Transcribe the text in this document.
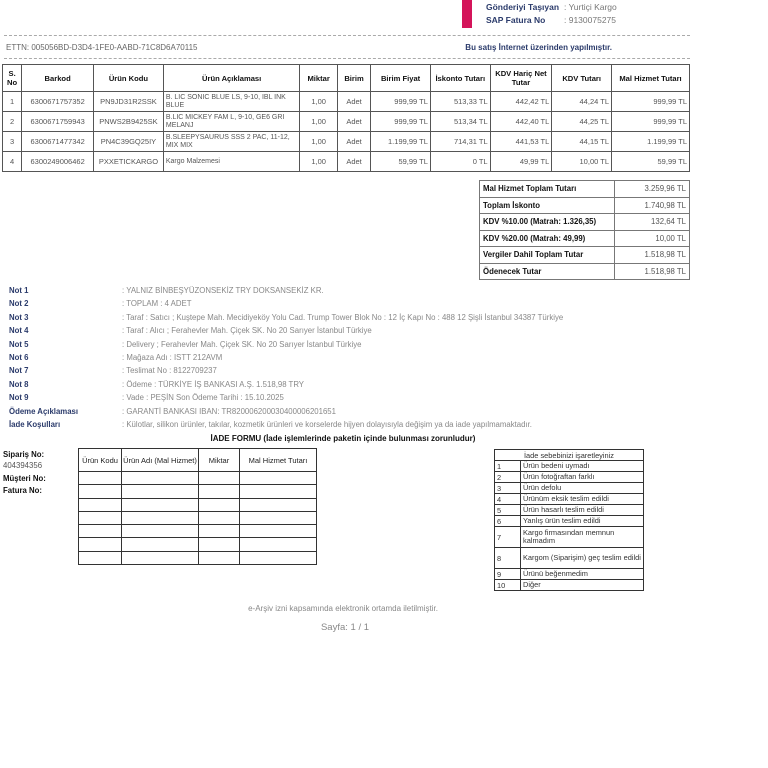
Gönderiyi Taşıyan : Yurtiçi Kargo
SAP Fatura No : 9130075275
ETTN: 005056BD-D3D4-1FE0-AABD-71C8D6A70115	Bu satış İnternet üzerinden yapılmıştır.
S. No	Barkod	Ürün Kodu	Ürün Açıklaması	Miktar	Birim	Birim Fiyat	İskonto Tutarı	KDV Hariç Net Tutar	KDV Tutarı	Mal Hizmet Tutarı
1	6300671757352	PN9JD31R2SSK	B. LIC SONIC BLUE LS, 9-10, IBL INK BLUE	1,00	Adet	999,99 TL	513,33 TL	442,42 TL	44,24 TL	999,99 TL
2	6300671759943	PNWS2B9425SK	B.LIC MICKEY FAM L, 9-10, GE6 GRI MELANJ	1,00	Adet	999,99 TL	513,34 TL	442,40 TL	44,25 TL	999,99 TL
3	6300671477342	PN4C39GQ25IY	B.SLEEPYSAURUS SSS 2 PAC, 11-12, MIX MIX	1,00	Adet	1.199,99 TL	714,31 TL	441,53 TL	44,15 TL	1.199,99 TL
4	6300249006462	PXXETICKARGO	Kargo Malzemesi	1,00	Adet	59,99 TL	0 TL	49,99 TL	10,00 TL	59,99 TL
Mal Hizmet Toplam Tutarı	3.259,96 TL
Toplam İskonto	1.740,98 TL
KDV %10.00 (Matrah: 1.326,35)	132,64 TL
KDV %20.00 (Matrah: 49,99)	10,00 TL
Vergiler Dahil Toplam Tutar	1.518,98 TL
Ödenecek Tutar	1.518,98 TL
Not 1	: YALNIZ BİNBEŞYÜZONSEKİZ TRY DOKSANSEKİZ KR.
Not 2	: TOPLAM : 4 ADET
Not 3	: Taraf : Satıcı ; Kuştepe Mah. Mecidiyeköy Yolu Cad. Trump Tower Blok No : 12 İç Kapı No : 488 12 Şişli İstanbul 34387 Türkiye
Not 4	: Taraf : Alıcı ; Ferahevler Mah. Çiçek SK. No 20 Sarıyer İstanbul Türkiye
Not 5	: Delivery ; Ferahevler Mah. Çiçek SK. No 20 Sarıyer İstanbul Türkiye
Not 6	: Mağaza Adı : ISTT 212AVM
Not 7	: Teslimat No : 8122709237
Not 8	: Ödeme : TÜRKİYE İŞ BANKASI A.Ş. 1.518,98 TRY
Not 9	: Vade : PEŞİN Son Ödeme Tarihi : 15.10.2025
Ödeme Açıklaması	: GARANTİ BANKASI IBAN: TR820006200030400006201651
İade Koşulları	: Külotlar, silikon ürünler, takılar, kozmetik ürünleri ve korselerde hijyen dolayısıyla değişim ya da iade yapılmamaktadır.
İADE FORMU (İade işlemlerinde paketin içinde bulunması zorunludur)
Sipariş No:
404394356
Müşteri No:
Fatura No:
Ürün Kodu	Ürün Adı (Mal Hizmet)	Miktar	Mal Hizmet Tutarı

İade sebebinizi işaretleyiniz	
1	Ürün bedeni uymadı
2	Ürün fotoğraftan farklı
3	Ürün defolu
4	Ürünüm eksik teslim edildi
5	Ürün hasarlı teslim edildi
6	Yanlış ürün teslim edildi
7	Kargo firmasından memnun kalmadım
8	Kargom (Siparişim) geç teslim edildi
9	Ürünü beğenmedim
10	Diğer
e-Arşiv izni kapsamında elektronik ortamda iletilmiştir.
Sayfa: 1 / 1
